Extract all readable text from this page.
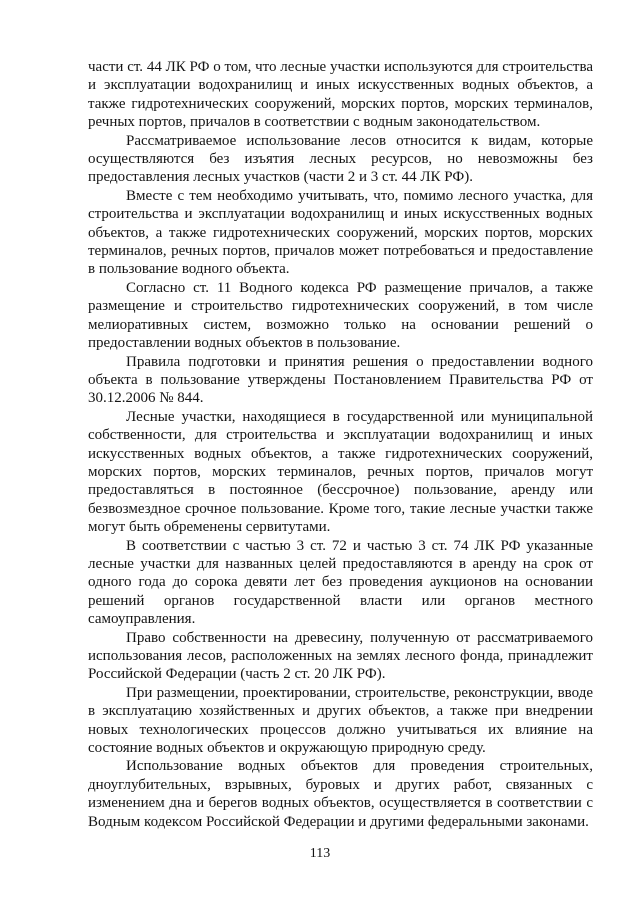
части ст. 44 ЛК РФ о том, что лесные участки используются для строительства и эксплуатации водохранилищ и иных искусственных водных объектов, а также гидротехнических сооружений, морских портов, морских терминалов, речных портов, причалов в соответствии с водным законодательством.

Рассматриваемое использование лесов относится к видам, которые осуществляются без изъятия лесных ресурсов, но невозможны без предоставления лесных участков (части 2 и 3 ст. 44 ЛК РФ).

Вместе с тем необходимо учитывать, что, помимо лесного участка, для строительства и эксплуатации водохранилищ и иных искусственных водных объектов, а также гидротехнических сооружений, морских портов, морских терминалов, речных портов, причалов может потребоваться и предоставление в пользование водного объекта.

Согласно ст. 11 Водного кодекса РФ размещение причалов, а также размещение и строительство гидротехнических сооружений, в том числе мелиоративных систем, возможно только на основании решений о предоставлении водных объектов в пользование.

Правила подготовки и принятия решения о предоставлении водного объекта в пользование утверждены Постановлением Правительства РФ от 30.12.2006 № 844.

Лесные участки, находящиеся в государственной или муниципальной собственности, для строительства и эксплуатации водохранилищ и иных искусственных водных объектов, а также гидротехнических сооружений, морских портов, морских терминалов, речных портов, причалов могут предоставляться в постоянное (бессрочное) пользование, аренду или безвозмездное срочное пользование. Кроме того, такие лесные участки также могут быть обременены сервитутами.

В соответствии с частью 3 ст. 72 и частью 3 ст. 74 ЛК РФ указанные лесные участки для названных целей предоставляются в аренду на срок от одного года до сорока девяти лет без проведения аукционов на основании решений органов государственной власти или органов местного самоуправления.

Право собственности на древесину, полученную от рассматриваемого использования лесов, расположенных на землях лесного фонда, принадлежит Российской Федерации (часть 2 ст. 20 ЛК РФ).

При размещении, проектировании, строительстве, реконструкции, вводе в эксплуатацию хозяйственных и других объектов, а также при внедрении новых технологических процессов должно учитываться их влияние на состояние водных объектов и окружающую природную среду.

Использование водных объектов для проведения строительных, дноуглубительных, взрывных, буровых и других работ, связанных с изменением дна и берегов водных объектов, осуществляется в соответствии с Водным кодексом Российской Федерации и другими федеральными законами.

113
